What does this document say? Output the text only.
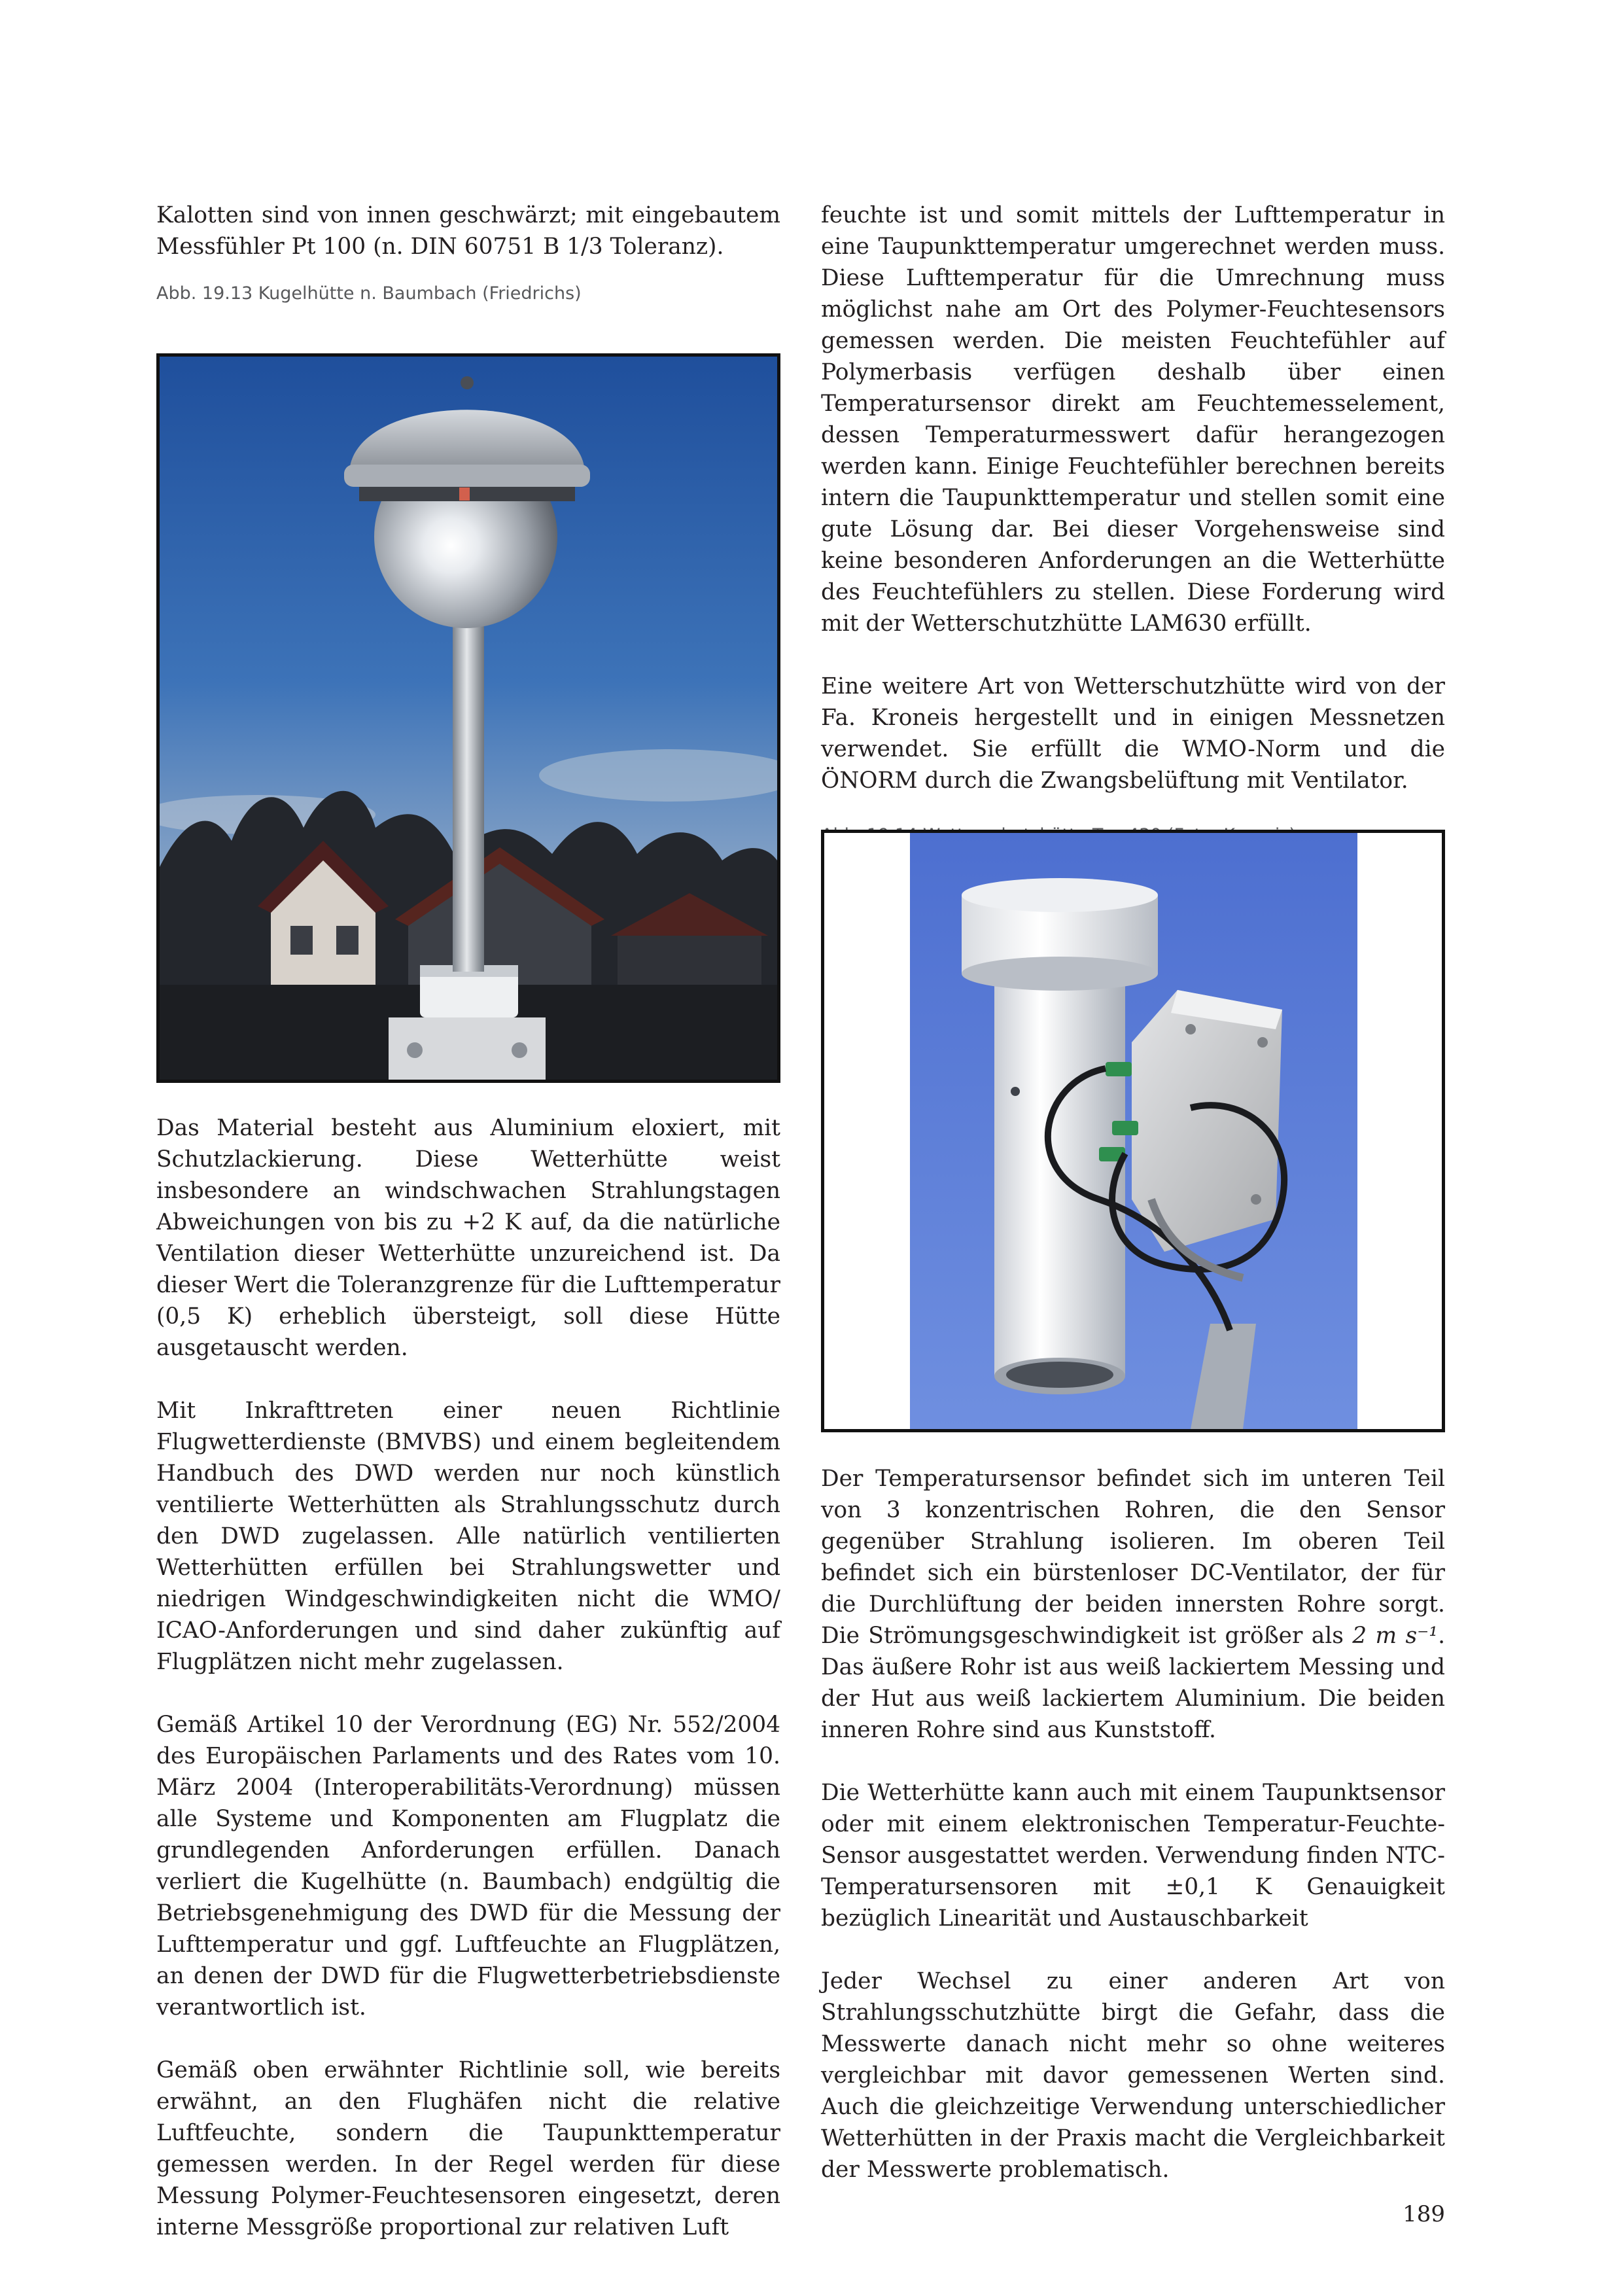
Kalotten sind von innen geschwärzt; mit eingebautem Messfühler Pt 100 (n. DIN 60751 B 1/3 Toleranz).

Abb. 19.13 Kugelhütte n. Baumbach (Friedrichs)

Das Material besteht aus Aluminium eloxiert, mit Schutzlackierung. Diese Wetterhütte weist insbesondere an windschwachen Strahlungstagen Abweichungen von bis zu +2 K auf, da die natürliche Ventilation dieser Wetterhütte unzureichend ist. Da dieser Wert die Toleranzgrenze für die Lufttemperatur (0,5 K) erheblich übersteigt, soll diese Hütte ausgetauscht werden.

Mit Inkrafttreten einer neuen Richtlinie Flugwetterdienste (BMVBS) und einem begleitendem Handbuch des DWD werden nur noch künstlich ventilierte Wetterhütten als Strahlungsschutz durch den DWD zugelassen. Alle natürlich ventilierten Wetterhütten erfüllen bei Strahlungswetter und niedrigen Windgeschwindigkeiten nicht die WMO/ ICAO-Anforderungen und sind daher zukünftig auf Flugplätzen nicht mehr zugelassen.

Gemäß Artikel 10 der Verordnung (EG) Nr. 552/2004 des Europäischen Parlaments und des Rates vom 10. März 2004 (Interoperabilitäts-Verordnung) müssen alle Systeme und Komponenten am Flugplatz die grundlegenden Anforderungen erfüllen. Danach verliert die Kugelhütte (n. Baumbach) endgültig die Betriebsgenehmigung des DWD für die Messung der Lufttemperatur und ggf. Luftfeuchte an Flugplätzen, an denen der DWD für die Flugwetterbetriebsdienste verantwortlich ist.

Gemäß oben erwähnter Richtlinie soll, wie bereits erwähnt, an den Flughäfen nicht die relative Luftfeuchte, sondern die Taupunkttemperatur gemessen werden. In der Regel werden für diese Messung Polymer-Feuchtesensoren eingesetzt, deren interne Messgröße proportional zur relativen Luft

feuchte ist und somit mittels der Lufttemperatur in eine Taupunkttemperatur umgerechnet werden muss. Diese Lufttemperatur für die Umrechnung muss möglichst nahe am Ort des Polymer-Feuchtesensors gemessen werden. Die meisten Feuchtefühler auf Polymerbasis verfügen deshalb über einen Temperatursensor direkt am Feuchtemesselement, dessen Temperaturmesswert dafür herangezogen werden kann. Einige Feuchtefühler berechnen bereits intern die Taupunkttemperatur und stellen somit eine gute Lösung dar. Bei dieser Vorgehensweise sind keine besonderen Anforderungen an die Wetterhütte des Feuchtefühlers zu stellen. Diese Forderung wird mit der Wetterschutzhütte LAM630 erfüllt.

Eine weitere Art von Wetterschutzhütte wird von der Fa. Kroneis hergestellt und in einigen Messnetzen verwendet. Sie erfüllt die WMO-Norm und die ÖNORM durch die Zwangsbelüftung mit Ventilator.

Der Temperatursensor befindet sich im unteren Teil von 3 konzentrischen Rohren, die den Sensor gegenüber Strahlung isolieren. Im oberen Teil befindet sich ein bürstenloser DC-Ventilator, der für die Durchlüftung der beiden innersten Rohre sorgt. Die Strömungsgeschwindigkeit ist größer als 2 m s⁻¹. Das äußere Rohr ist aus weiß lackiertem Messing und der Hut aus weiß lackiertem Aluminium. Die beiden inneren Rohre sind aus Kunststoff.

Die Wetterhütte kann auch mit einem Taupunktsensor oder mit einem elektronischen Temperatur-Feuchte-Sensor ausgestattet werden. Verwendung finden NTC-Temperatursensoren mit ±0,1 K Genauigkeit bezüglich Linearität und Austauschbarkeit

Jeder Wechsel zu einer anderen Art von Strahlungsschutzhütte birgt die Gefahr, dass die Messwerte danach nicht mehr so ohne weiteres vergleichbar mit davor gemessenen Werten sind. Auch die gleichzeitige Verwendung unterschiedlicher Wetterhütten in der Praxis macht die Vergleichbarkeit der Messwerte problematisch.

189
